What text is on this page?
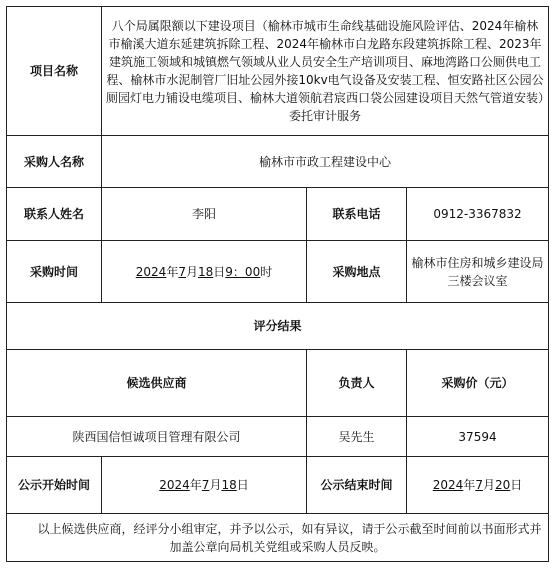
项目名称	八个局属限额以下建设项目（榆林市城市生命线基础设施风险评估、2024年榆林市榆溪大道东延建筑拆除工程、2024年榆林市白龙路东段建筑拆除工程、2023年建筑施工领域和城镇燃气领域从业人员安全生产培训项目、麻地湾路口公厕供电工程、榆林市水泥制管厂旧址公园外接10kv电气设备及安装工程、恒安路社区公园公厕园灯电力铺设电缆项目、榆林大道领航君宸西口袋公园建设项目天然气管道安装）委托审计服务		
采购人名称	榆林市市政工程建设中心		
联系人姓名	李阳	联系电话	0912-3367832
采购时间	2024年7月18日9：00时	采购地点	榆林市住房和城乡建设局三楼会议室
评分结果			
候选供应商		负责人	采购价（元）
陕西国信恒诚项目管理有限公司		吴先生	37594
公示开始时间	2024年7月18日	公示结束时间	2024年7月20日
以上候选供应商，经评分小组审定，并予以公示，如有异议，请于公示截至时间前以书面形式并加盖公章向局机关党组或采购人员反映。			
